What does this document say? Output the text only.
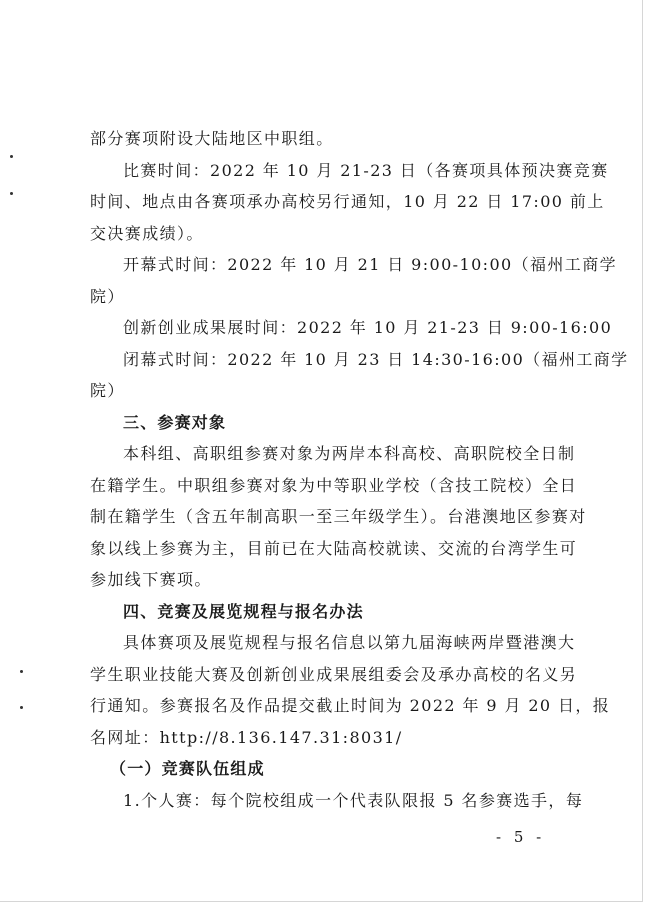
部分赛项附设大陆地区中职组。
比赛时间：2022 年 10 月 21-23 日（各赛项具体预决赛竞赛
时间、地点由各赛项承办高校另行通知，10 月 22 日 17:00 前上
交决赛成绩）。
开幕式时间：2022 年 10 月 21 日 9:00-10:00（福州工商学
院）
创新创业成果展时间：2022 年 10 月 21-23 日 9:00-16:00
闭幕式时间：2022 年 10 月 23 日 14:30-16:00（福州工商学
院）
三、参赛对象
本科组、高职组参赛对象为两岸本科高校、高职院校全日制
在籍学生。中职组参赛对象为中等职业学校（含技工院校）全日
制在籍学生（含五年制高职一至三年级学生）。台港澳地区参赛对
象以线上参赛为主，目前已在大陆高校就读、交流的台湾学生可
参加线下赛项。
四、竞赛及展览规程与报名办法
具体赛项及展览规程与报名信息以第九届海峡两岸暨港澳大
学生职业技能大赛及创新创业成果展组委会及承办高校的名义另
行通知。参赛报名及作品提交截止时间为 2022 年 9 月 20 日，报
名网址：http://8.136.147.31:8031/
（一）竞赛队伍组成
1.个人赛：每个院校组成一个代表队限报 5 名参赛选手，每
- 5 -
